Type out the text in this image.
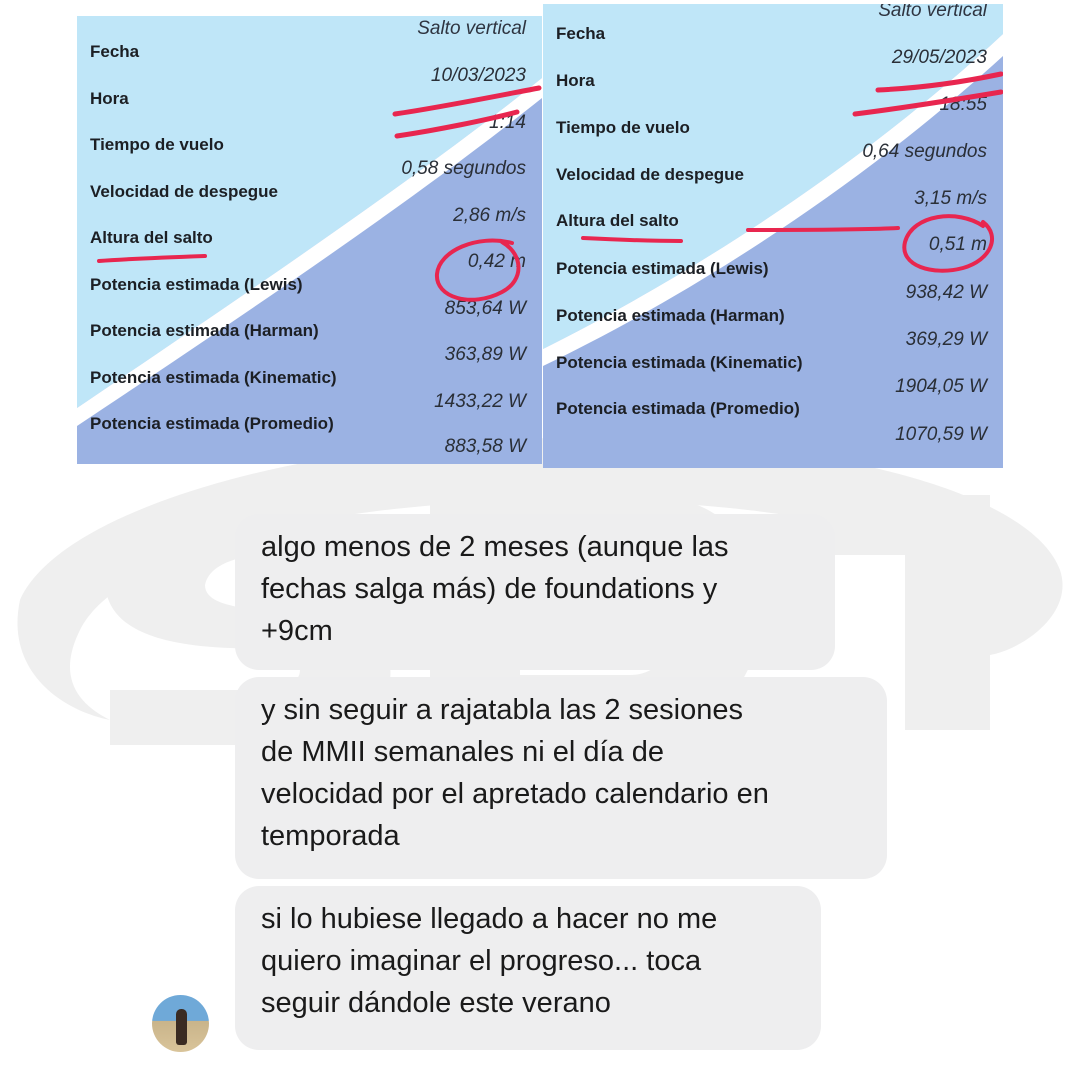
Salto vertical
Fecha
10/03/2023
Hora
1:14
Tiempo de vuelo
0,58 segundos
Velocidad de despegue
2,86 m/s
Altura del salto
0,42 m
Potencia estimada (Lewis)
853,64 W
Potencia estimada (Harman)
363,89 W
Potencia estimada (Kinematic)
1433,22 W
Potencia estimada (Promedio)
883,58 W
Salto vertical
Fecha
29/05/2023
Hora
18:55
Tiempo de vuelo
0,64 segundos
Velocidad de despegue
3,15 m/s
Altura del salto
0,51 m
Potencia estimada (Lewis)
938,42 W
Potencia estimada (Harman)
369,29 W
Potencia estimada (Kinematic)
1904,05 W
Potencia estimada (Promedio)
1070,59 W
algo menos de 2 meses (aunque las
fechas salga más) de foundations y
+9cm
y sin seguir a rajatabla las 2 sesiones
de MMII semanales ni el día de
velocidad por el apretado calendario en
temporada
si lo hubiese llegado a hacer no me
quiero imaginar el progreso... toca
seguir dándole este verano
